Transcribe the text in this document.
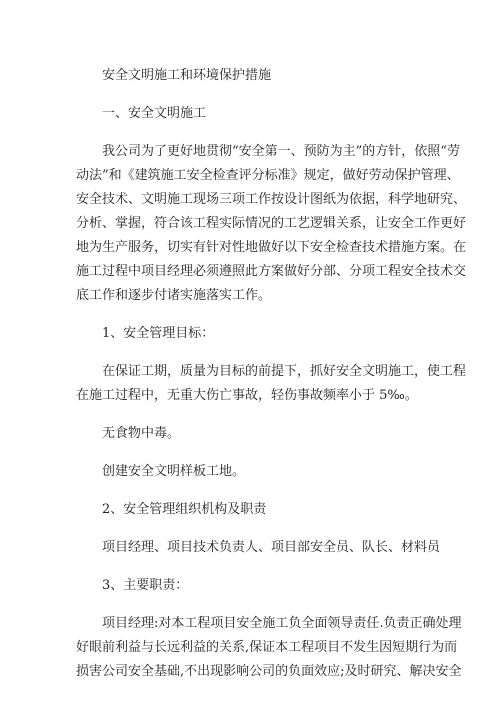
安全文明施工和环境保护措施

一、安全文明施工

我公司为了更好地贯彻“安全第一、预防为主”的方针，依照“劳

动法”和《建筑施工安全检查评分标准》规定，做好劳动保护管理、

安全技术、文明施工现场三项工作按设计图纸为依据，科学地研究、

分析、掌握，符合该工程实际情况的工艺逻辑关系，让安全工作更好

地为生产服务，切实有针对性地做好以下安全检查技术措施方案。在

施工过程中项目经理必须遵照此方案做好分部、分项工程安全技术交

底工作和逐步付诸实施落实工作。

1、安全管理目标：

在保证工期，质量为目标的前提下，抓好安全文明施工，使工程

在施工过程中，无重大伤亡事故，轻伤事故频率小于 5‰。

无食物中毒。

创建安全文明样板工地。

2、安全管理组织机构及职责

项目经理、项目技术负责人、项目部安全员、队长、材料员

3、主要职责：

项目经理:对本工程项目安全施工负全面领导责任.负责正确处理

好眼前利益与长远利益的关系,保证本工程项目不发生因短期行为而

损害公司安全基础,不出现影响公司的负面效应;及时研究、解决安全
